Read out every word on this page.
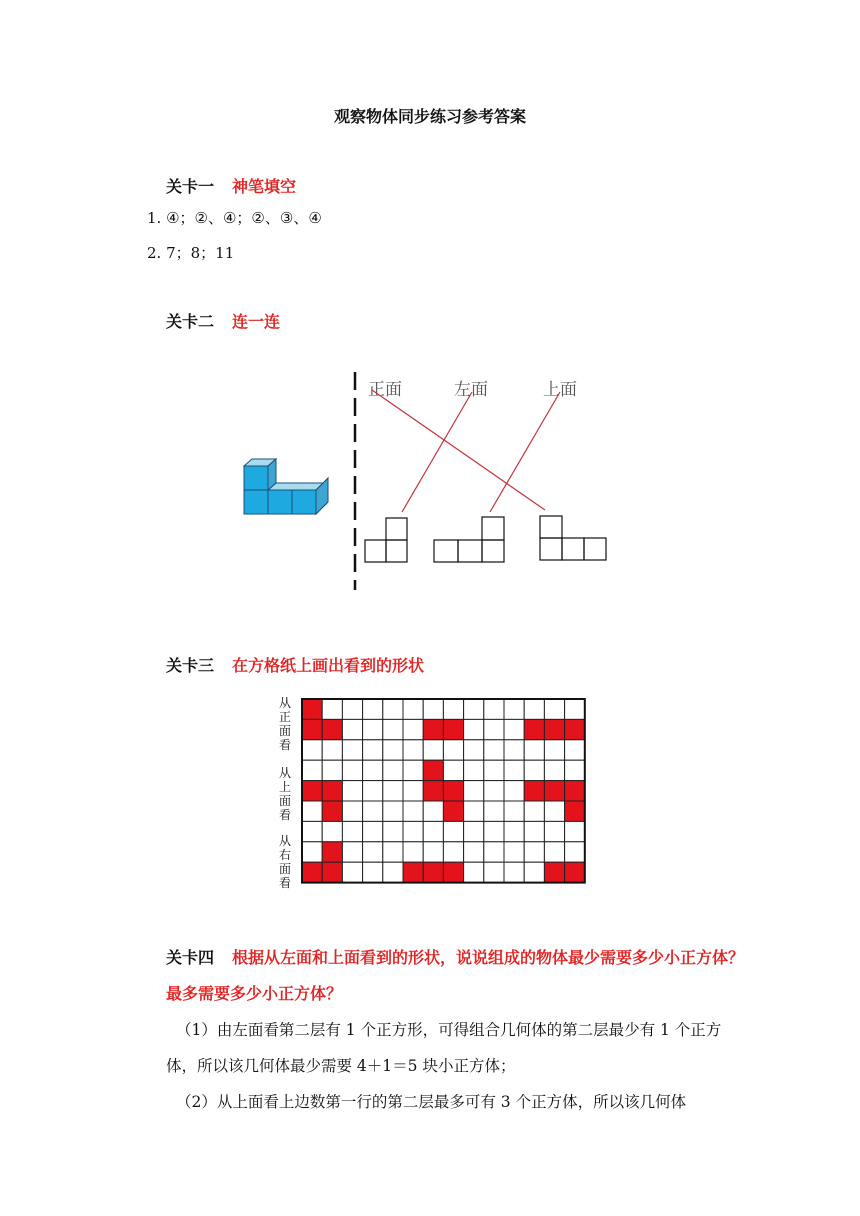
观察物体同步练习参考答案
关卡一 神笔填空
1. ④；②、④；②、③、④
2. 7；8；11
关卡二 连一连
正面	左面	上面
关卡三 在方格纸上画出看到的形状
从正面看
从上面看
从右面看
关卡四 根据从左面和上面看到的形状，说说组成的物体最少需要多少小正方体？最多需要多少小正方体？
（1）由左面看第二层有 1 个正方形，可得组合几何体的第二层最少有 1 个正方体，所以该几何体最少需要 4＋1＝5 块小正方体；
（2）从上面看上边数第一行的第二层最多可有 3 个正方体，所以该几何体
